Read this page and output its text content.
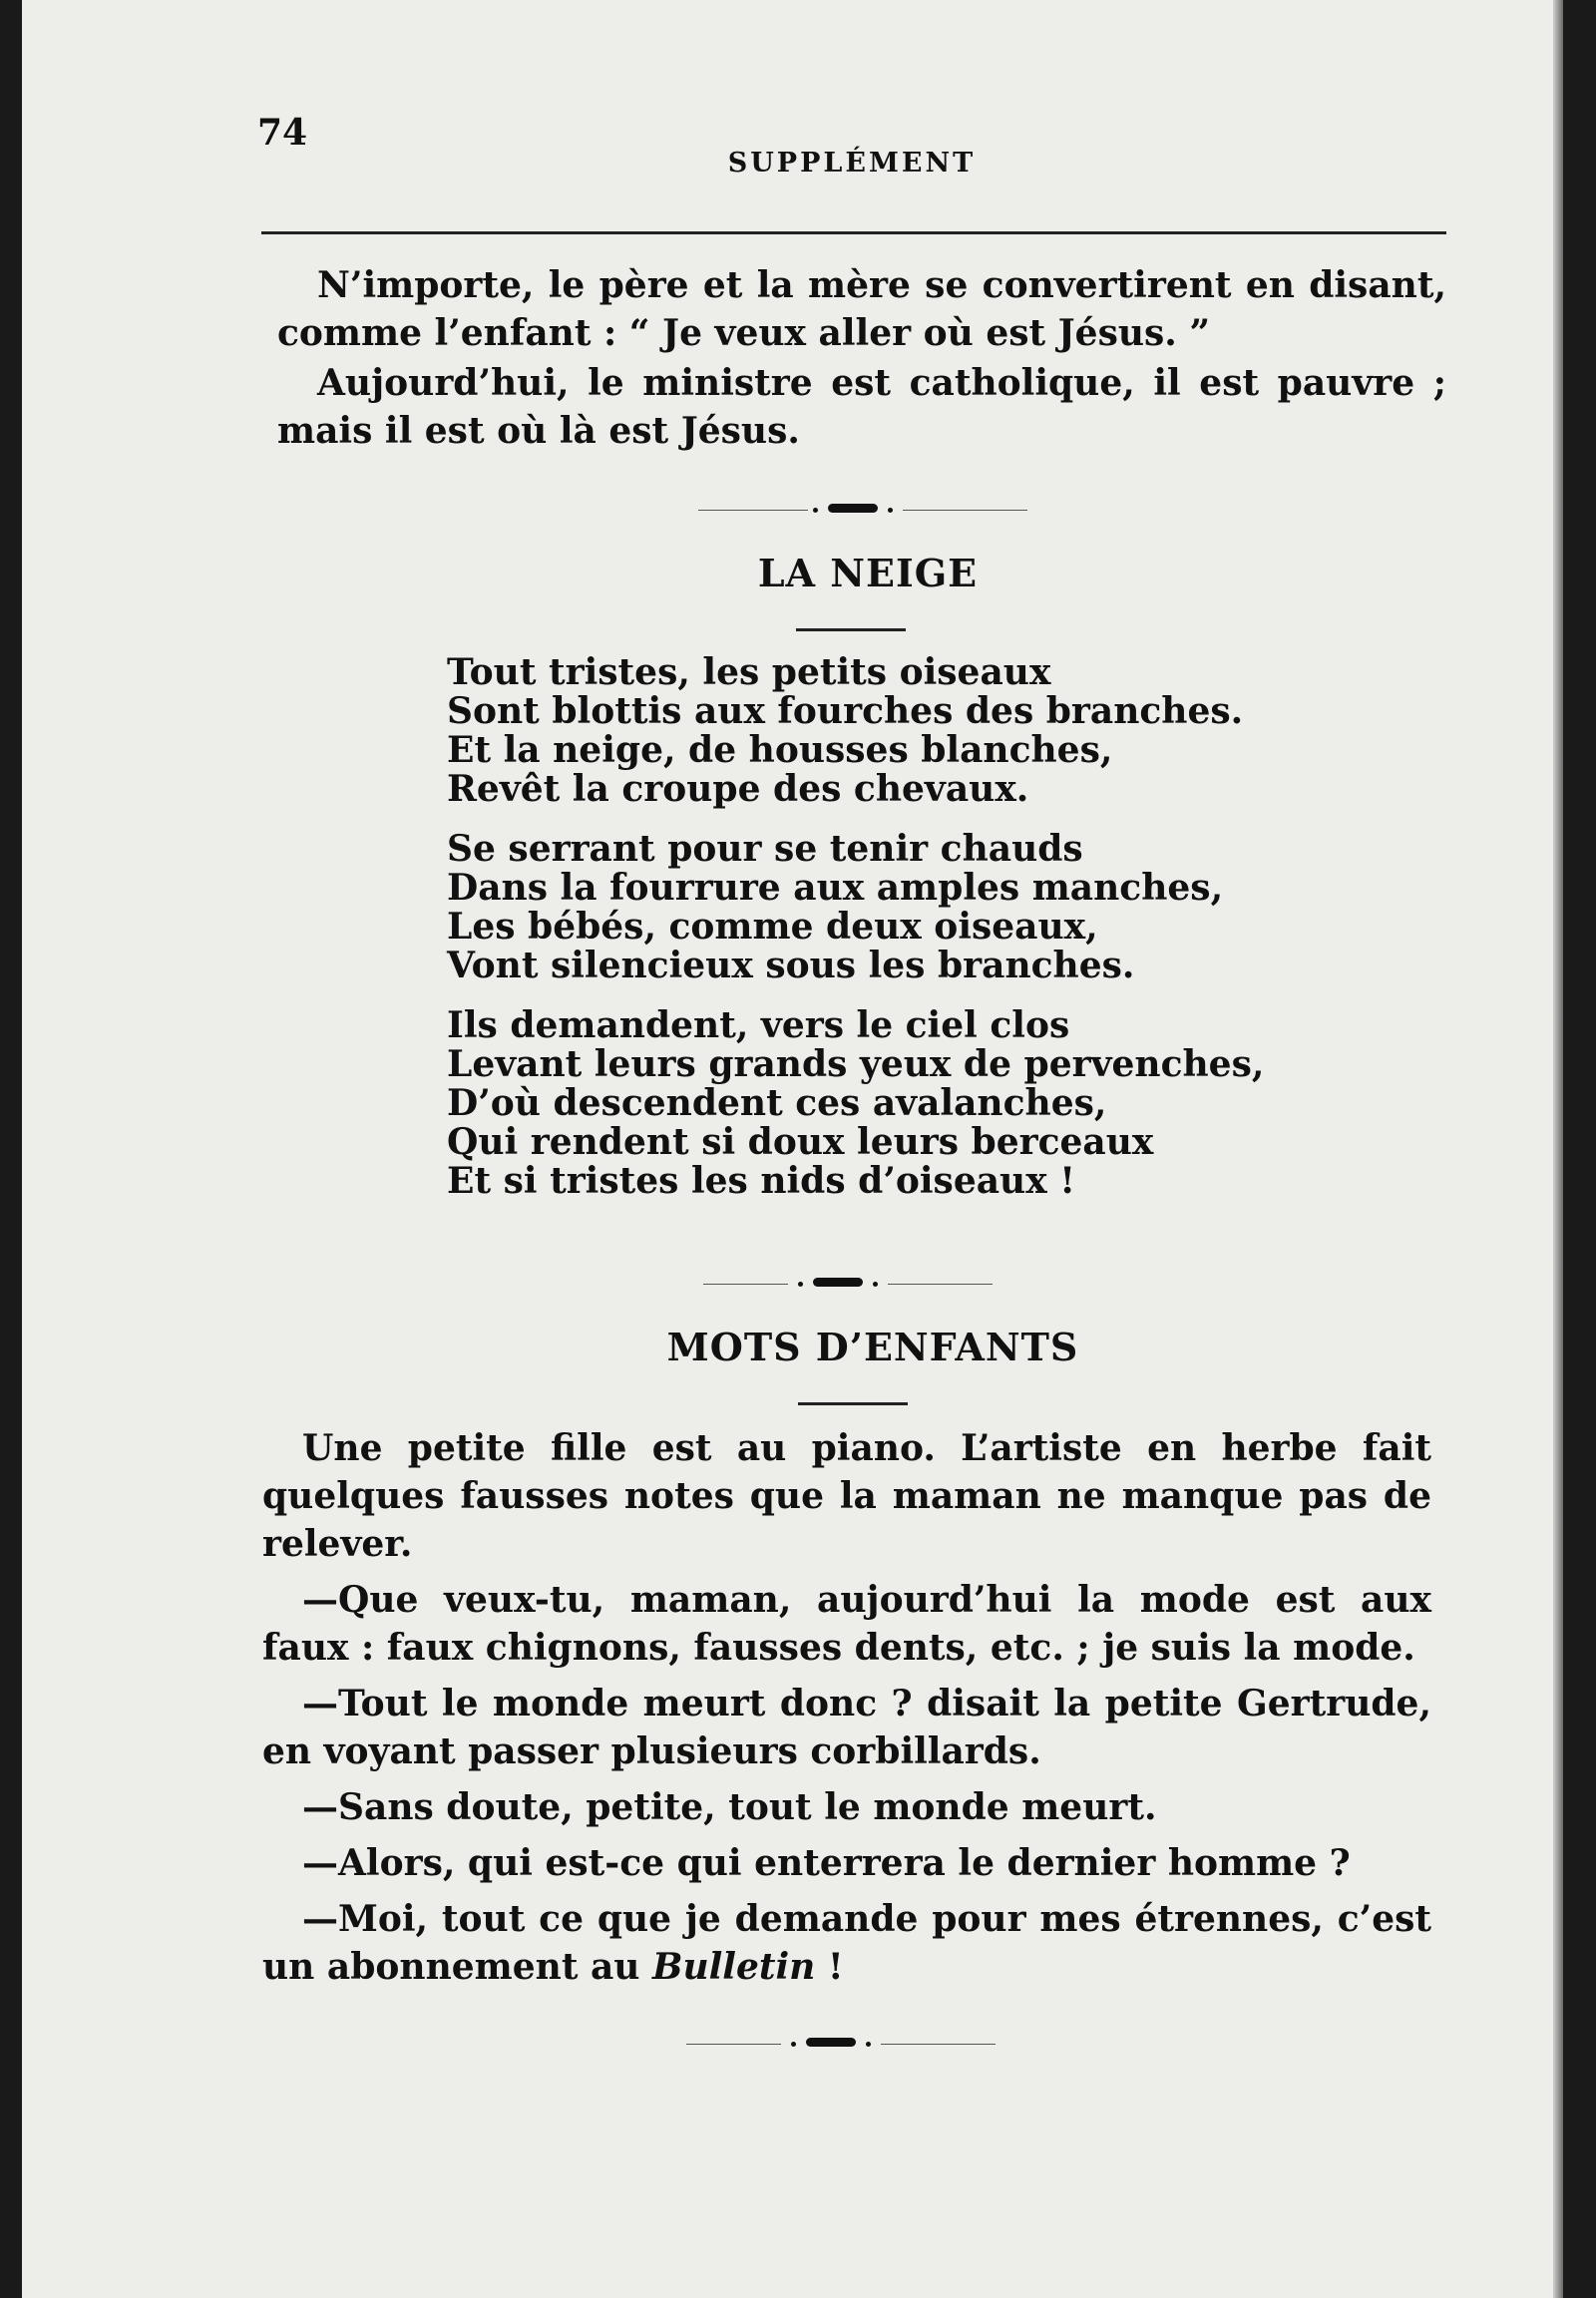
74
SUPPLÉMENT

N’importe, le père et la mère se convertirent en disant, comme l’enfant : “ Je veux aller où est Jésus. ”

Aujourd’hui, le ministre est catholique, il est pauvre ; mais il est où là est Jésus.

LA NEIGE
Tout tristes, les petits oiseaux
Sont blottis aux fourches des branches.
Et la neige, de housses blanches,
Revêt la croupe des chevaux.
Se serrant pour se tenir chauds
Dans la fourrure aux amples manches,
Les bébés, comme deux oiseaux,
Vont silencieux sous les branches.
Ils demandent, vers le ciel clos
Levant leurs grands yeux de pervenches,
D’où descendent ces avalanches,
Qui rendent si doux leurs berceaux
Et si tristes les nids d’oiseaux !
MOTS D’ENFANTS

Une petite fille est au piano. L’artiste en herbe fait quelques fausses notes que la maman ne manque pas de relever.

—Que veux-tu, maman, aujourd’hui la mode est aux faux : faux chignons, fausses dents, etc. ; je suis la mode.

—Tout le monde meurt donc ? disait la petite Gertrude, en voyant passer plusieurs corbillards.

—Sans doute, petite, tout le monde meurt.

—Alors, qui est-ce qui enterrera le dernier homme ?

—Moi, tout ce que je demande pour mes étrennes, c’est un abonnement au Bulletin !
